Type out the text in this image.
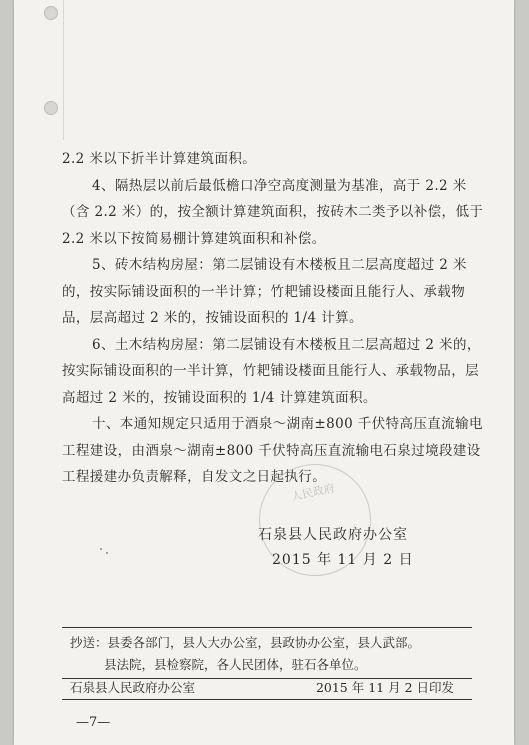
2.2 米以下折半计算建筑面积。

4、隔热层以前后最低檐口净空高度测量为基准，高于 2.2 米（含 2.2 米）的，按全额计算建筑面积，按砖木二类予以补偿，低于 2.2 米以下按简易棚计算建筑面积和补偿。

5、砖木结构房屋：第二层铺设有木楼板且二层高度超过 2 米的，按实际铺设面积的一半计算；竹耙铺设楼面且能行人、承载物品，层高超过 2 米的，按铺设面积的 1/4 计算。

6、土木结构房屋：第二层铺设有木楼板且二层高超过 2 米的，按实际铺设面积的一半计算，竹耙铺设楼面且能行人、承载物品，层高超过 2 米的，按铺设面积的 1/4 计算建筑面积。

十、本通知规定只适用于酒泉～湖南±800 千伏特高压直流输电工程建设，由酒泉～湖南±800 千伏特高压直流输电石泉过境段建设工程援建办负责解释，自发文之日起执行。

人民政府
石泉县人民政府办公室
2015 年 11 月 2 日
抄送：县委各部门，县人大办公室，县政协办公室，县人武部。
县法院，县检察院，各人民团体，驻石各单位。
石泉县人民政府办公室	2015 年 11 月 2 日印发
—7—
